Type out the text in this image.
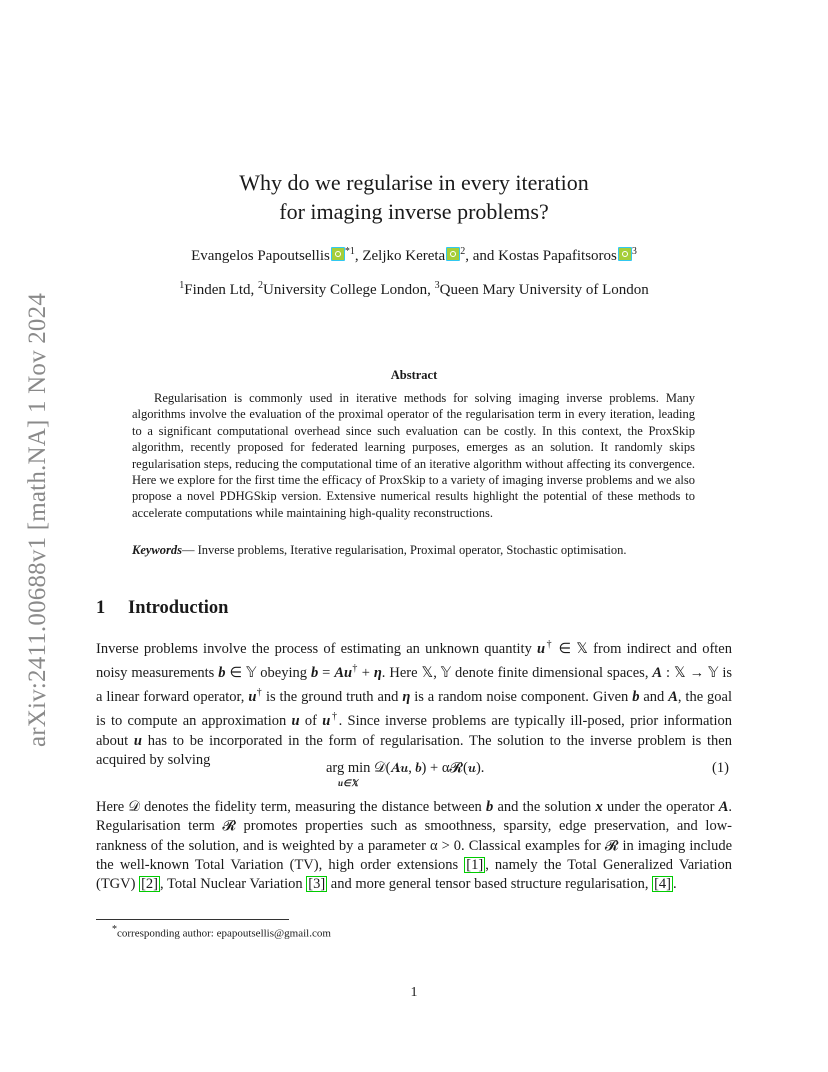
arXiv:2411.00688v1 [math.NA] 1 Nov 2024
Why do we regularise in every iteration
for imaging inverse problems?
Evangelos Papoutsellis $^{*1}$, Zeljko Kereta $^2$, and Kostas Papafitsoros $^3$
$^1$Finden Ltd, $^2$University College London, $^3$Queen Mary University of London
Abstract
Regularisation is commonly used in iterative methods for solving imaging inverse problems. Many algorithms involve the evaluation of the proximal operator of the regularisation term in every iteration, leading to a significant computational overhead since such evaluation can be costly. In this context, the ProxSkip algorithm, recently proposed for federated learning purposes, emerges as an solution. It randomly skips regularisation steps, reducing the computational time of an iterative algorithm without affecting its convergence. Here we explore for the first time the efficacy of ProxSkip to a variety of imaging inverse problems and we also propose a novel PDHGSkip version. Extensive numerical results highlight the potential of these methods to accelerate computations while maintaining high-quality reconstructions.
Keywords— Inverse problems, Iterative regularisation, Proximal operator, Stochastic optimisation.
1 Introduction
Inverse problems involve the process of estimating an unknown quantity u† ∈ 𝕏 from indirect and often noisy measurements b ∈ 𝕐 obeying b = Au† + η. Here 𝕏, 𝕐 denote finite dimensional spaces, A : 𝕏 → 𝕐 is a linear forward operator, u† is the ground truth and η is a random noise component. Given b and A, the goal is to compute an approximation u of u†. Since inverse problems are typically ill-posed, prior information about u has to be incorporated in the form of regularisation. The solution to the inverse problem is then acquired by solving
arg min 𝒟(𝑨𝒖, 𝒃) + α𝓡(𝒖).
u∈𝕏
(1)
Here 𝒟 denotes the fidelity term, measuring the distance between b and the solution x under the operator A. Regularisation term 𝓡 promotes properties such as smoothness, sparsity, edge preservation, and low-rankness of the solution, and is weighted by a parameter α > 0. Classical examples for 𝓡 in imaging include the well-known Total Variation (TV), high order extensions [1] , namely the Total Generalized Variation (TGV) [2] , Total Nuclear Variation [3] and more general tensor based structure regularisation, [4] .
*corresponding author: epapoutsellis@gmail.com
1
